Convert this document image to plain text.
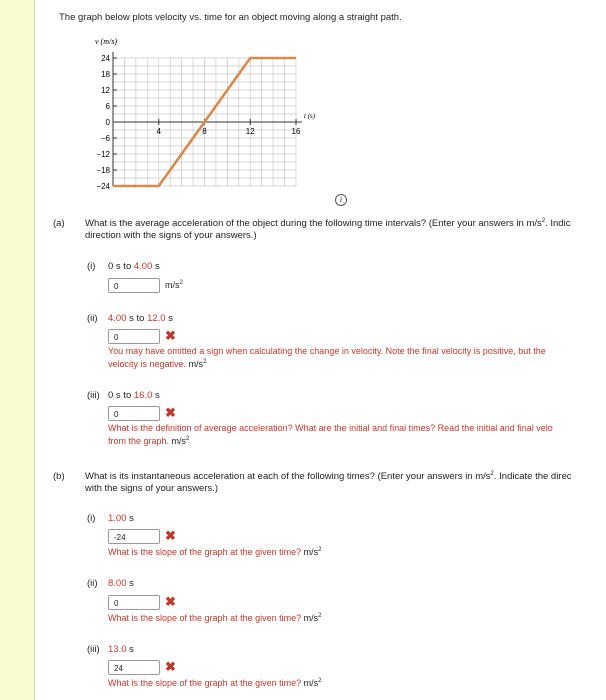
The graph below plots velocity vs. time for an object moving along a straight path.
24
18
12
6
0
−6
−12
−18
−24
4	8	12	16
v (m/s)
t (s)
i
(a) What is the average acceleration of the object during the following time intervals? (Enter your answers in $m/s^2$. Indic
direction with the signs of your answers.)
(i) 0 s to 4.00 s
0	$m/s^2$
(ii) 4.00 s to 12.0 s
0	✖
You may have omitted a sign when calculating the change in velocity. Note the final velocity is positive, but the
velocity is negative. $m/s^2$
(iii) 0 s to 16.0 s
0	✖
What is the definition of average acceleration? What are the initial and final times? Read the initial and final velo
from the graph. $m/s^2$
(b) What is its instantaneous acceleration at each of the following times? (Enter your answers in $m/s^2$. Indicate the direc
with the signs of your answers.)
(i) 1.00 s
-24	✖
What is the slope of the graph at the given time? $m/s^2$
(ii) 8.00 s
0	✖
What is the slope of the graph at the given time? $m/s^2$
(iii) 13.0 s
24	✖
What is the slope of the graph at the given time? $m/s^2$
